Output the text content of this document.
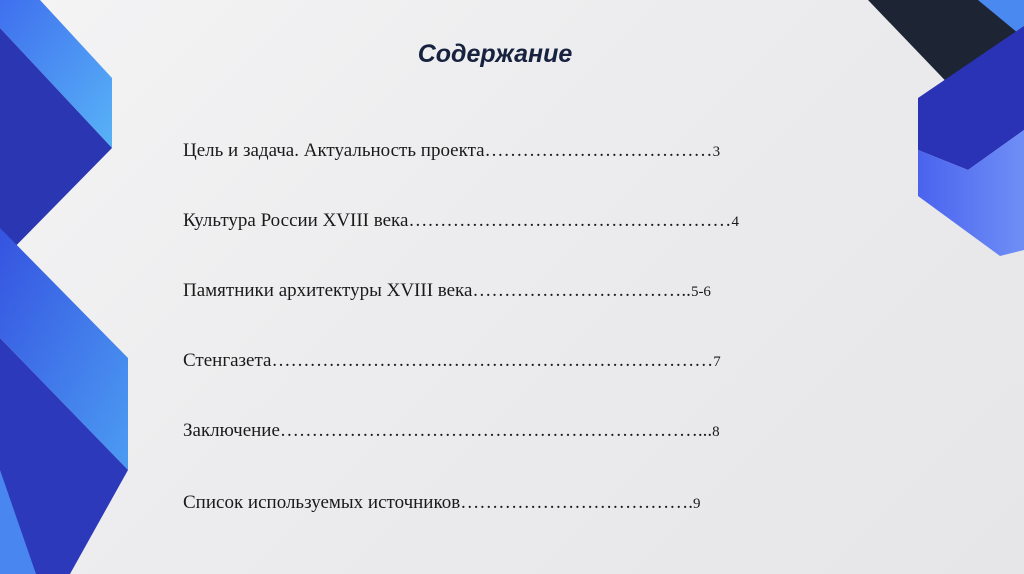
Содержание
Цель и задача. Актуальность проекта………………………………3
Культура России XVIII века……………………………………………4
Памятники архитектуры XVIII века……………………………..5-6
Стенгазета……………………….……………………………………7
Заключение…………………………………………………………...8
Список используемых источников……………………………….9
